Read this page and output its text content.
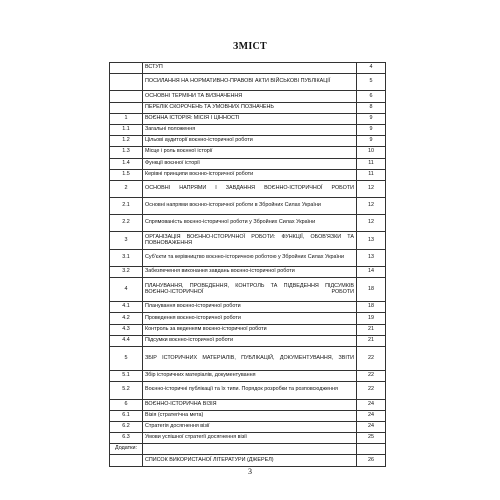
ЗМІСТ
	ВСТУП	4
	ПОСИЛАННЯ НА НОРМАТИВНО-ПРАВОВІ АКТИ ВІЙСЬКОВІ ПУБЛІКАЦІЇ	5
	ОСНОВНІ ТЕРМІНИ ТА ВИЗНАЧЕННЯ	6
	ПЕРЕЛІК СКОРОЧЕНЬ ТА УМОВНИХ ПОЗНАЧЕНЬ	8
1	ВОЄННА ІСТОРІЯ: МІСІЯ І ЦІННОСТІ	9
1.1	Загальні положення	9
1.2	Цільові аудиторії воєнно-історичної роботи	9
1.3	Місце і роль воєнної історії	10
1.4	Функції воєнної історії	11
1.5	Керівні принципи воєнно-історичної роботи	11
2	ОСНОВНІ НАПРЯМИ І ЗАВДАННЯ ВОЄННО-ІСТОРИЧНОЇ РОБОТИ	12
2.1	Основні напрями воєнно-історичної роботи в Збройних Силах України	12
2.2	Спрямованість воєнно-історичної роботи у Збройних Силах України	12
3	ОРГАНІЗАЦІЯ ВОЄННО-ІСТОРИЧНОЇ РОБОТИ: ФУНКЦІЇ, ОБОВ'ЯЗКИ ТА ПОВНОВАЖЕННЯ	13
3.1	Суб'єкти та керівництво воєнно-історичною роботою у Збройних Силах України	13
3.2	Забезпечення виконання завдань воєнно-історичної роботи	14
4	ПЛАНУВАННЯ, ПРОВЕДЕННЯ, КОНТРОЛЬ ТА ПІДВЕДЕННЯ ПІДСУМКІВ ВОЄННО-ІСТОРИЧНОЇ РОБОТИ	18
4.1	Планування воєнно-історичної роботи	18
4.2	Проведення воєнно-історичної роботи	19
4.3	Контроль за веденням воєнно-історичної роботи	21
4.4	Підсумки воєнно-історичної роботи	21
5	ЗБІР ІСТОРИЧНИХ МАТЕРІАЛІВ, ПУБЛІКАЦІЙ, ДОКУМЕНТУВАННЯ, ЗВІТИ	22
5.1	Збір історичних матеріалів, документування	22
5.2	Воєнно-історичні публікації та їх типи. Порядок розробки та розповсюдження	22
6	ВОЄННО-ІСТОРИЧНА ВІЗІЯ	24
6.1	Візія (стратегічна мета)	24
6.2	Стратегія досягнення візії	24
6.3	Умови успішної стратегії досягнення візії	25
Додатки:		
	СПИСОК ВИКОРИСТАНОЇ ЛІТЕРАТУРИ (ДЖЕРЕЛ)	26
3
